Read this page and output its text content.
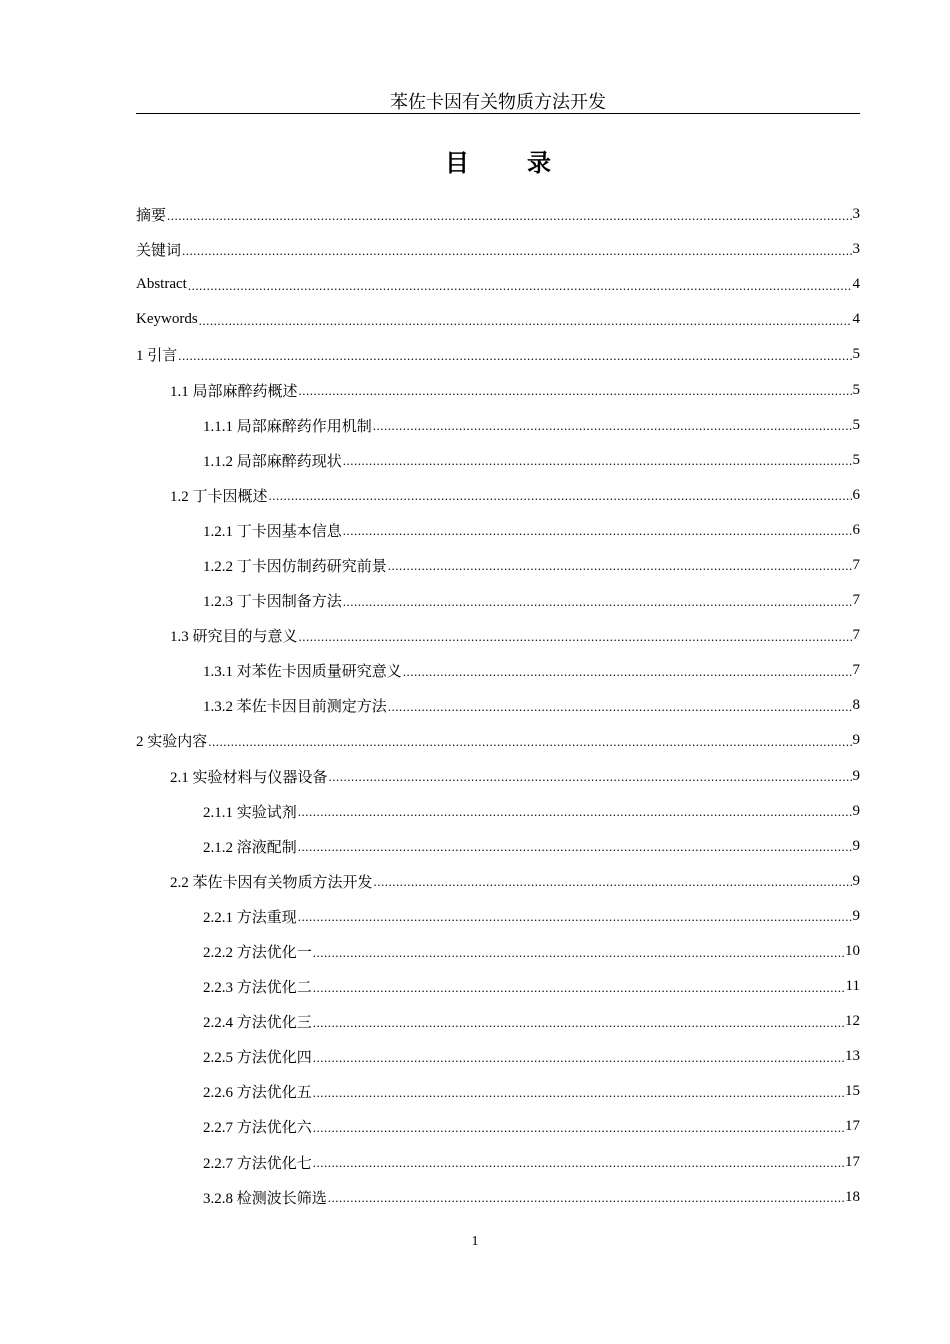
苯佐卡因有关物质方法开发
目 录
摘要 .....	3
关键词 .....	3
Abstract .....	4
Keywords .....	4
1 引言 .....	5
1.1 局部麻醉药概述 .....	5
1.1.1 局部麻醉药作用机制 .....	5
1.1.2 局部麻醉药现状 .....	5
1.2 丁卡因概述 .....	6
1.2.1 丁卡因基本信息 .....	6
1.2.2 丁卡因仿制药研究前景 .....	7
1.2.3 丁卡因制备方法 .....	7
1.3 研究目的与意义 .....	7
1.3.1 对苯佐卡因质量研究意义 .....	7
1.3.2 苯佐卡因目前测定方法 .....	8
2 实验内容 .....	9
2.1 实验材料与仪器设备 .....	9
2.1.1 实验试剂 .....	9
2.1.2 溶液配制 .....	9
2.2 苯佐卡因有关物质方法开发 .....	9
2.2.1 方法重现 .....	9
2.2.2 方法优化一 .....	10
2.2.3 方法优化二 .....	11
2.2.4 方法优化三 .....	12
2.2.5 方法优化四 .....	13
2.2.6 方法优化五 .....	15
2.2.7 方法优化六 .....	17
2.2.7 方法优化七 .....	17
3.2.8 检测波长筛选 .....	18
1
